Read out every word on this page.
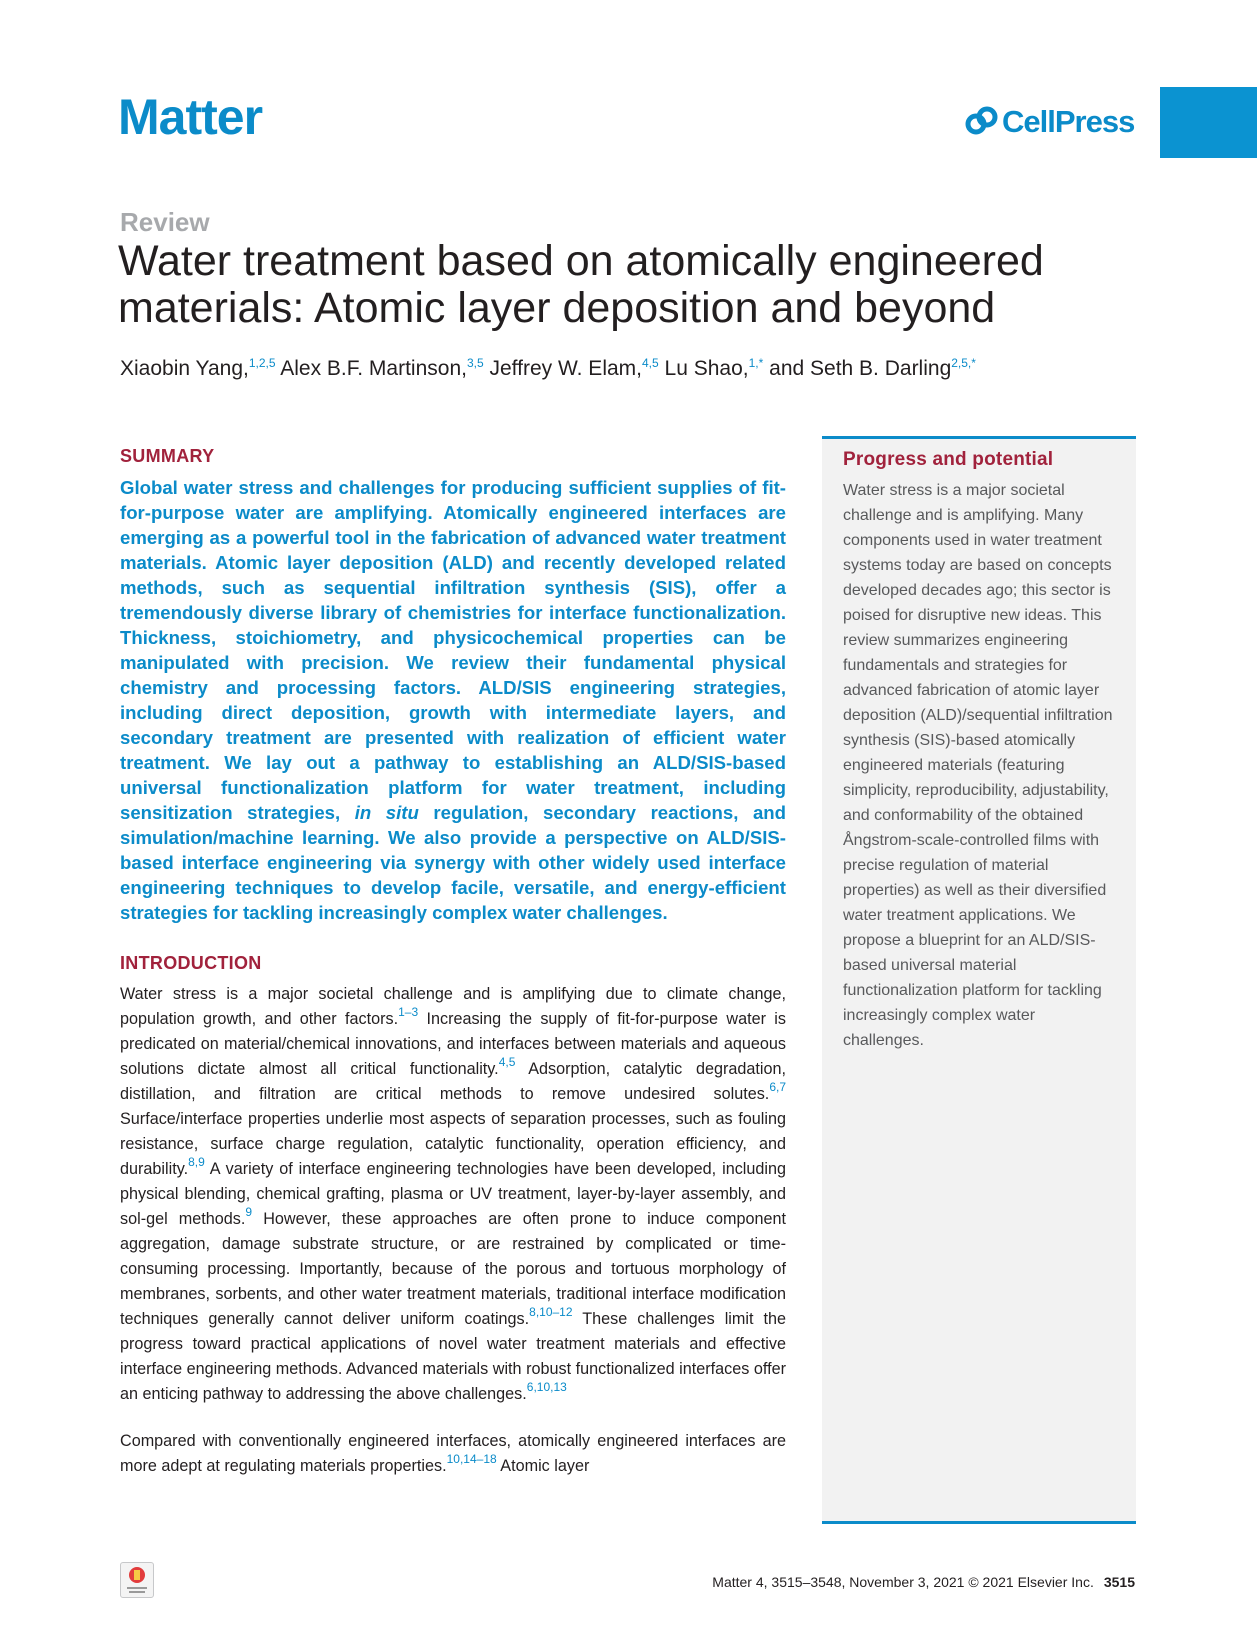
Matter	CellPress

Review

Water treatment based on atomically engineered
materials: Atomic layer deposition and beyond

Xiaobin Yang,$^{1,2,5}$ Alex B.F. Martinson,$^{3,5}$ Jeffrey W. Elam,$^{4,5}$ Lu Shao,$^{1,*}$ and Seth B. Darling$^{2,5,*}$

SUMMARY

Global water stress and challenges for producing sufficient supplies of fit-for-purpose water are amplifying. Atomically engineered interfaces are emerging as a powerful tool in the fabrication of advanced water treatment materials. Atomic layer deposition (ALD) and recently developed related methods, such as sequential infiltration synthesis (SIS), offer a tremendously diverse library of chemistries for interface functionalization. Thickness, stoichiometry, and physicochemical properties can be manipulated with precision. We review their fundamental physical chemistry and processing factors. ALD/SIS engineering strategies, including direct deposition, growth with intermediate layers, and secondary treatment are presented with realization of efficient water treatment. We lay out a pathway to establishing an ALD/SIS-based universal functionalization platform for water treatment, including sensitization strategies, in situ regulation, secondary reactions, and simulation/machine learning. We also provide a perspective on ALD/SIS-based interface engineering via synergy with other widely used interface engineering techniques to develop facile, versatile, and energy-efficient strategies for tackling increasingly complex water challenges.

INTRODUCTION

Water stress is a major societal challenge and is amplifying due to climate change, population growth, and other factors.$^{1-3}$ Increasing the supply of fit-for-purpose water is predicated on material/chemical innovations, and interfaces between materials and aqueous solutions dictate almost all critical functionality.$^{4,5}$ Adsorption, catalytic degradation, distillation, and filtration are critical methods to remove undesired solutes.$^{6,7}$ Surface/interface properties underlie most aspects of separation processes, such as fouling resistance, surface charge regulation, catalytic functionality, operation efficiency, and durability.$^{8,9}$ A variety of interface engineering technologies have been developed, including physical blending, chemical grafting, plasma or UV treatment, layer-by-layer assembly, and sol-gel methods.$^9$ However, these approaches are often prone to induce component aggregation, damage substrate structure, or are restrained by complicated or time-consuming processing. Importantly, because of the porous and tortuous morphology of membranes, sorbents, and other water treatment materials, traditional interface modification techniques generally cannot deliver uniform coatings.$^{8,10-12}$ These challenges limit the progress toward practical applications of novel water treatment materials and effective interface engineering methods. Advanced materials with robust functionalized interfaces offer an enticing pathway to addressing the above challenges.$^{6,10,13}$

Compared with conventionally engineered interfaces, atomically engineered interfaces are more adept at regulating materials properties.$^{10,14-18}$ Atomic layer

Progress and potential

Water stress is a major societal challenge and is amplifying. Many components used in water treatment systems today are based on concepts developed decades ago; this sector is poised for disruptive new ideas. This review summarizes engineering fundamentals and strategies for advanced fabrication of atomic layer deposition (ALD)/sequential infiltration synthesis (SIS)-based atomically engineered materials (featuring simplicity, reproducibility, adjustability, and conformability of the obtained Ångstrom-scale-controlled films with precise regulation of material properties) as well as their diversified water treatment applications. We propose a blueprint for an ALD/SIS-based universal material functionalization platform for tackling increasingly complex water challenges.

Matter 4, 3515–3548, November 3, 2021 © 2021 Elsevier Inc. 3515
